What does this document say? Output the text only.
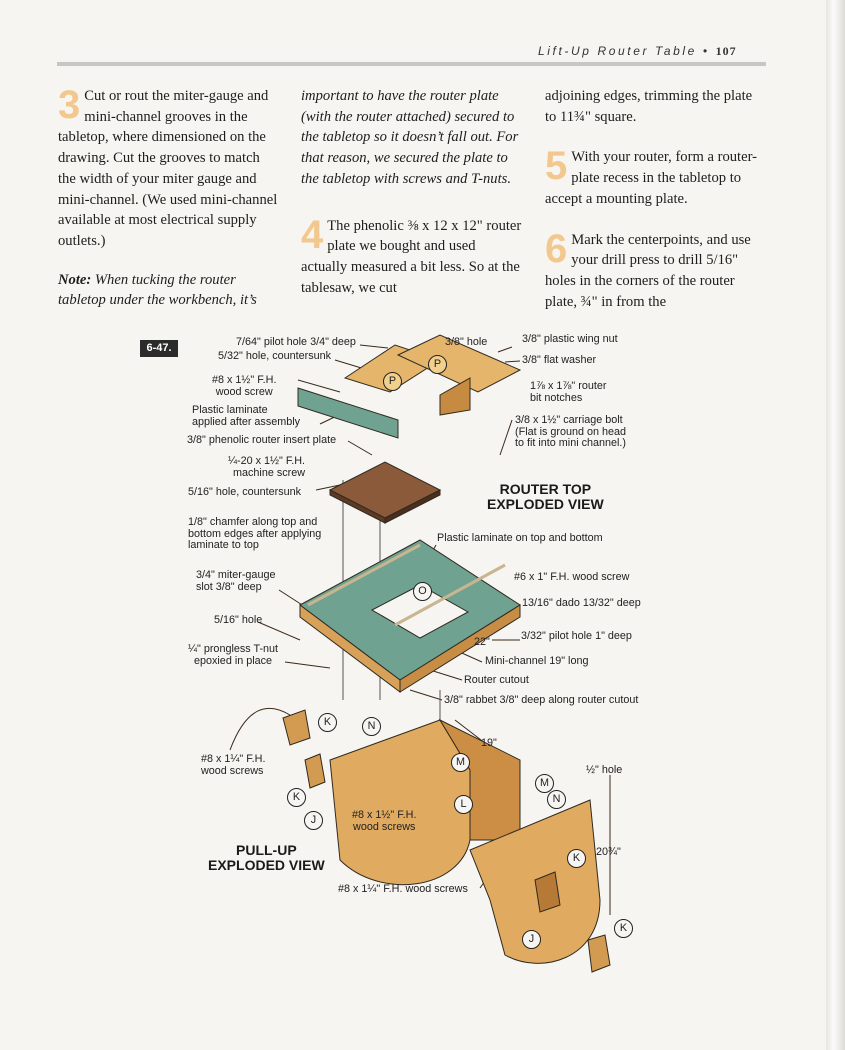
Lift-Up Router Table • 107

3 Cut or rout the miter-gauge and mini-channel grooves in the tabletop, where dimensioned on the drawing. Cut the grooves to match the width of your miter gauge and mini-channel. (We used mini-channel available at most electrical supply outlets.)

Note: When tucking the router tabletop under the workbench, it’s

important to have the router plate (with the router attached) secured to the tabletop so it doesn’t fall out. For that reason, we secured the plate to the tabletop with screws and T-nuts.

4 The phenolic ⅜ x 12 x 12" router plate we bought and used actually measured a bit less. So at the tablesaw, we cut

adjoining edges, trimming the plate to 11¾" square.

5 With your router, form a router-plate recess in the tabletop to accept a mounting plate.

6 Mark the centerpoints, and use your drill press to drill 5/16" holes in the corners of the router plate, ¾" in from the

6-47.
P
P
O
K
K
K
K
N
N
M
M
L
J
J
7/64" pilot hole 3/4" deep
5/32" hole, countersunk
#8 x 1½" F.H.
wood screw
Plastic laminate
applied after assembly
3/8" phenolic router insert plate
¼-20 x 1½" F.H.
machine screw
5/16" hole, countersunk
3/8" hole	3/8" plastic wing nut
3/8" flat washer
1⅞ x 1⅞" router
bit notches
3/8 x 1½" carriage bolt
(Flat is ground on head
to fit into mini channel.)
ROUTER TOP
EXPLODED VIEW
1/8" chamfer along top and
bottom edges after applying
laminate to top
Plastic laminate on top and bottom
3/4" miter-gauge
slot 3/8" deep
#6 x 1" F.H. wood screw
13/16" dado 13/32" deep
5/16" hole
3/32" pilot hole 1" deep
22"
¼" prongless T-nut
epoxied in place	Mini-channel 19" long
Router cutout
3/8" rabbet 3/8" deep along router cutout
#8 x 1¼" F.H.
wood screws
19"
½" hole
#8 x 1½" F.H.
wood screws
20¾"
PULL-UP
EXPLODED VIEW
#8 x 1¼" F.H. wood screws
